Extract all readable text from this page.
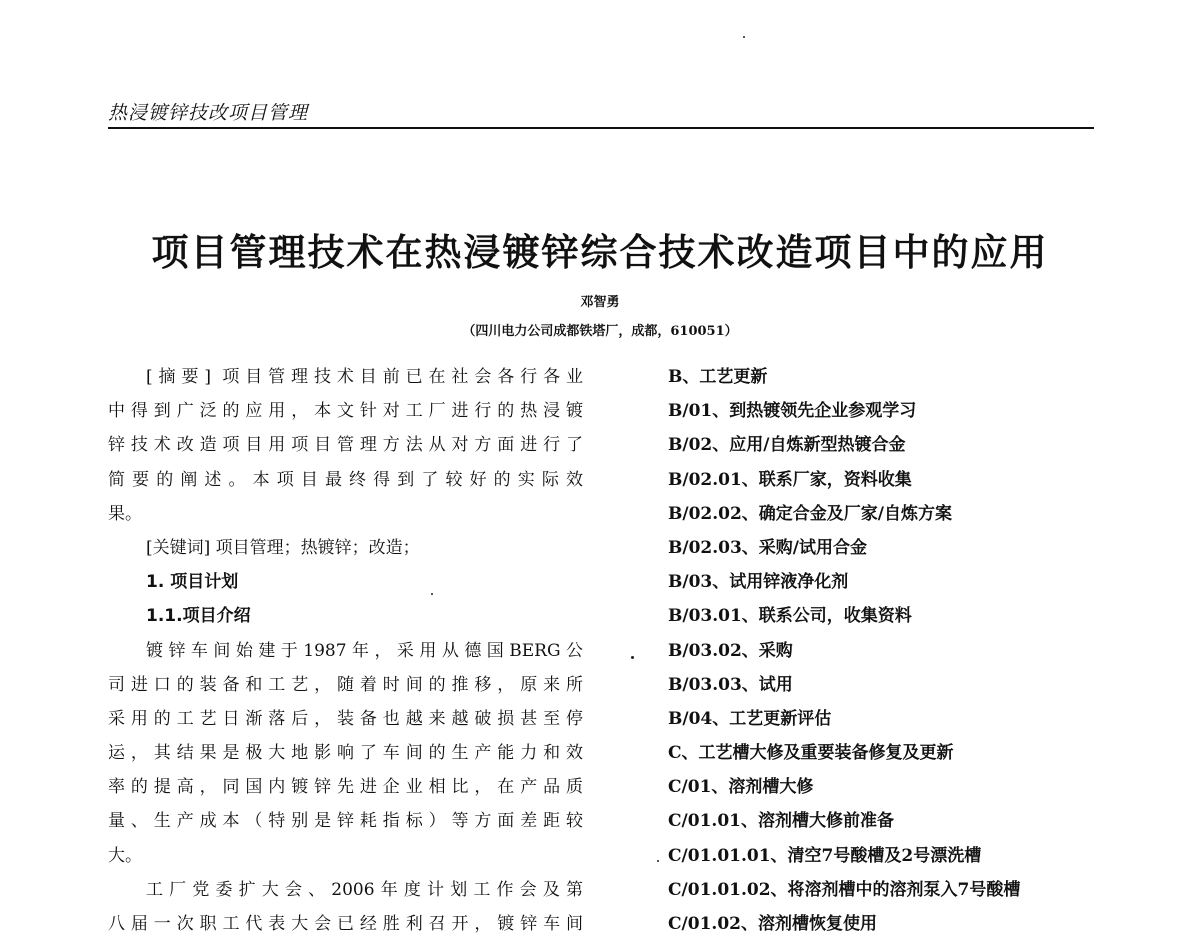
热浸镀锌技改项目管理
项目管理技术在热浸镀锌综合技术改造项目中的应用
邓智勇
（四川电力公司成都铁塔厂，成都，610051）
[摘要] 项目管理技术目前已在社会各行各业
中得到广泛的应用，本文针对工厂进行的热浸镀
锌技术改造项目用项目管理方法从对方面进行了
简要的阐述。本项目最终得到了较好的实际效
果。
[关键词] 项目管理；热镀锌；改造；
1. 项目计划
1.1.项目介绍
镀锌车间始建于1987年，采用从德国BERG公
司进口的装备和工艺，随着时间的推移，原来所
采用的工艺日渐落后，装备也越来越破损甚至停
运，其结果是极大地影响了车间的生产能力和效
率的提高，同国内镀锌先进企业相比，在产品质
量、生产成本（特别是锌耗指标）等方面差距较
大。
工厂党委扩大会、2006年度计划工作会及第
八届一次职工代表大会已经胜利召开，镀锌车间
B、工艺更新
B/01、到热镀领先企业参观学习
B/02、应用/自炼新型热镀合金
B/02.01、联系厂家，资料收集
B/02.02、确定合金及厂家/自炼方案
B/02.03、采购/试用合金
B/03、试用锌液净化剂
B/03.01、联系公司，收集资料
B/03.02、采购
B/03.03、试用
B/04、工艺更新评估
C、工艺槽大修及重要装备修复及更新
C/01、溶剂槽大修
C/01.01、溶剂槽大修前准备
C/01.01.01、清空7号酸槽及2号漂洗槽
C/01.01.02、将溶剂槽中的溶剂泵入7号酸槽
C/01.02、溶剂槽恢复使用
